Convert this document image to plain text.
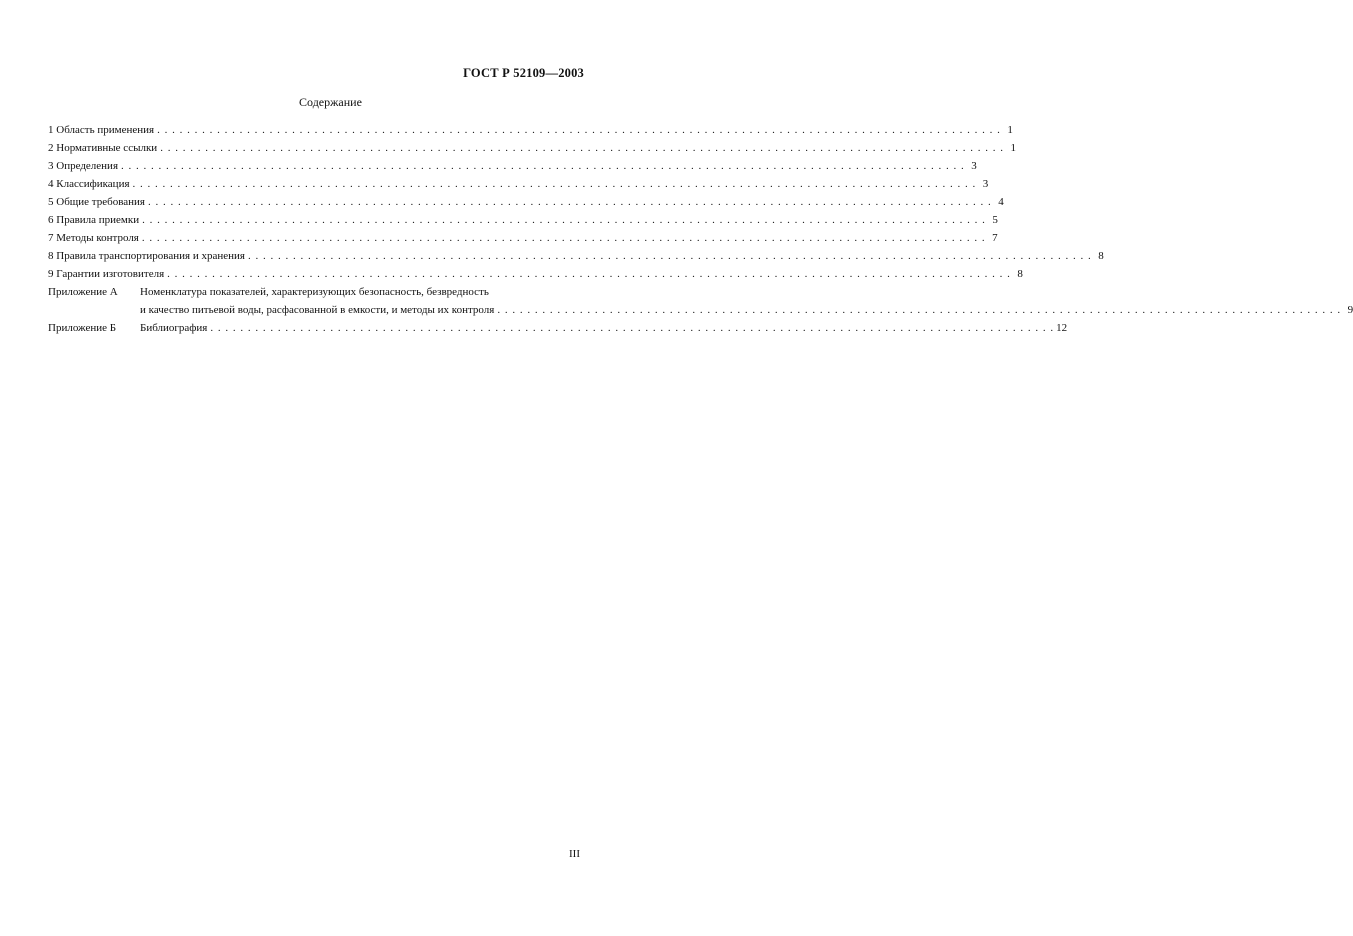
ГОСТ Р 52109—2003
Содержание
1 Область применения . . .	1
2 Нормативные ссылки . . .	1
3 Определения . . .	3
4 Классификация . . .	3
5 Общие требования . . .	4
6 Правила приемки . . .	5
7 Методы контроля . . .	7
8 Правила транспортирования и хранения . . .	8
9 Гарантии изготовителя . . .	8
Приложение А	Номенклатура показателей, характеризующих безопасность, безвредность
и качество питьевой воды, расфасованной в емкости, и методы их контроля . . .	9
Приложение Б	Библиография . . .	12
III
